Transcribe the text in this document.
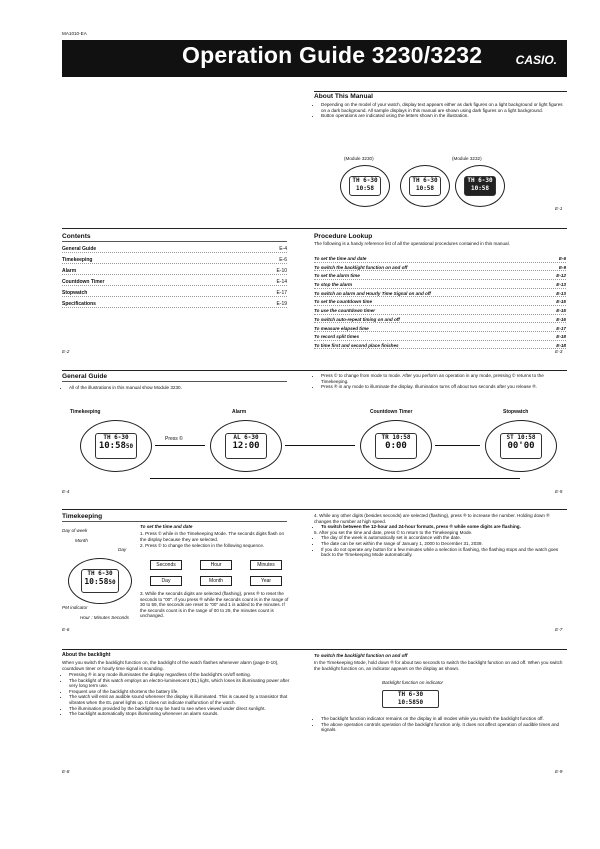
MA1010-EA
Operation Guide 3230/3232	CASIO.
About This Manual
• Depending on the model of your watch, display text appears either as dark figures on a light background or light figures on a dark background. All sample displays in this manual are shown using dark figures on a light background.
• Button operations are indicated using the letters shown in the illustration.
(Module 3230)	(Module 3232)
TH 6-30
10:58
TH 6-30
10:58
TH 6-30
10:58
E-1
Contents
General Guide	E-4
Timekeeping	E-6
Alarm	E-10
Countdown Timer	E-14
Stopwatch	E-17
Specifications	E-19
E-2
Procedure Lookup
The following is a handy reference list of all the operational procedures contained in this manual.
To set the time and date	E-6
To switch the backlight function on and off	E-9
To set the alarm time	E-12
To stop the alarm	E-13
To switch an alarm and Hourly Time Signal on and off	E-13
To set the countdown time	E-15
To use the countdown timer	E-15
To switch auto-repeat timing on and off	E-16
To measure elapsed time	E-17
To record split times	E-18
To time first and second place finishes	E-18
E-3
General Guide
• All of the illustrations in this manual show Module 3230.
• Press © to change from mode to mode. After you perform an operation in any mode, pressing © returns to the Timekeeping.
• Press ® in any mode to illuminate the display. Illumination turns off about two seconds after you release ®.
Timekeeping	Alarm	Countdown Timer	Stopwatch
TH 6-30
10:5850
AL 6-30
12:00
TR 10:58
0:00
ST 10:58
00'00
Press ©
E-4	E-5
Timekeeping
Day of week
Month
Day
TH 6-30
10:5850
PM indicator
Hour : Minutes Seconds
To set the time and date
1. Press © while in the Timekeeping Mode. The seconds digits flash on the display because they are selected.
2. Press © to change the selection in the following sequence.
Seconds	Hour	Minutes
Day	Month	Year
3. While the seconds digits are selected (flashing), press ® to reset the seconds to "00". If you press ® while the seconds count is in the range of 30 to 59, the seconds are reset to "00" and 1 is added to the minutes. If the seconds count is in the range of 00 to 29, the minutes count is unchanged.
4. While any other digits (besides seconds) are selected (flashing), press ® to increase the number. Holding down ® changes the number at high speed.
• To switch between the 12-hour and 24-hour formats, press ® while some digits are flashing.
5. After you set the time and date, press © to return to the Timekeeping Mode.
• The day of the week is automatically set in accordance with the date.
• The date can be set within the range of January 1, 2000 to December 31, 2039.
• If you do not operate any button for a few minutes while a selection is flashing, the flashing stops and the watch goes back to the Timekeeping Mode automatically.
E-6	E-7
About the backlight
When you switch the backlight function on, the backlight of the watch flashes whenever alarm (page E-10), countdown timer or hourly time signal is sounding.
• Pressing ® in any mode illuminates the display regardless of the backlight's on/off setting.
• The backlight of this watch employs an electro-luminescent (EL) light, which loses its illuminating power after very long term use.
• Frequent use of the backlight shortens the battery life.
• The watch will emit an audible sound whenever the display is illuminated. This is caused by a transistor that vibrates when the EL panel lights up. It does not indicate malfunction of the watch.
• The illumination provided by the backlight may be hard to see when viewed under direct sunlight.
• The backlight automatically stops illuminating whenever an alarm sounds.
To switch the backlight function on and off
In the Timekeeping Mode, hold down ® for about two seconds to switch the backlight function on and off. When you switch the backlight function on, an indicator appears on the display as shown.
Backlight function on indicator
TH 6-30
10:5850
• The backlight function indicator remains on the display in all modes while you switch the backlight function off.
• The above operation controls operation of the backlight function only. It does not affect operation of audible times and signals.
E-8	E-9
